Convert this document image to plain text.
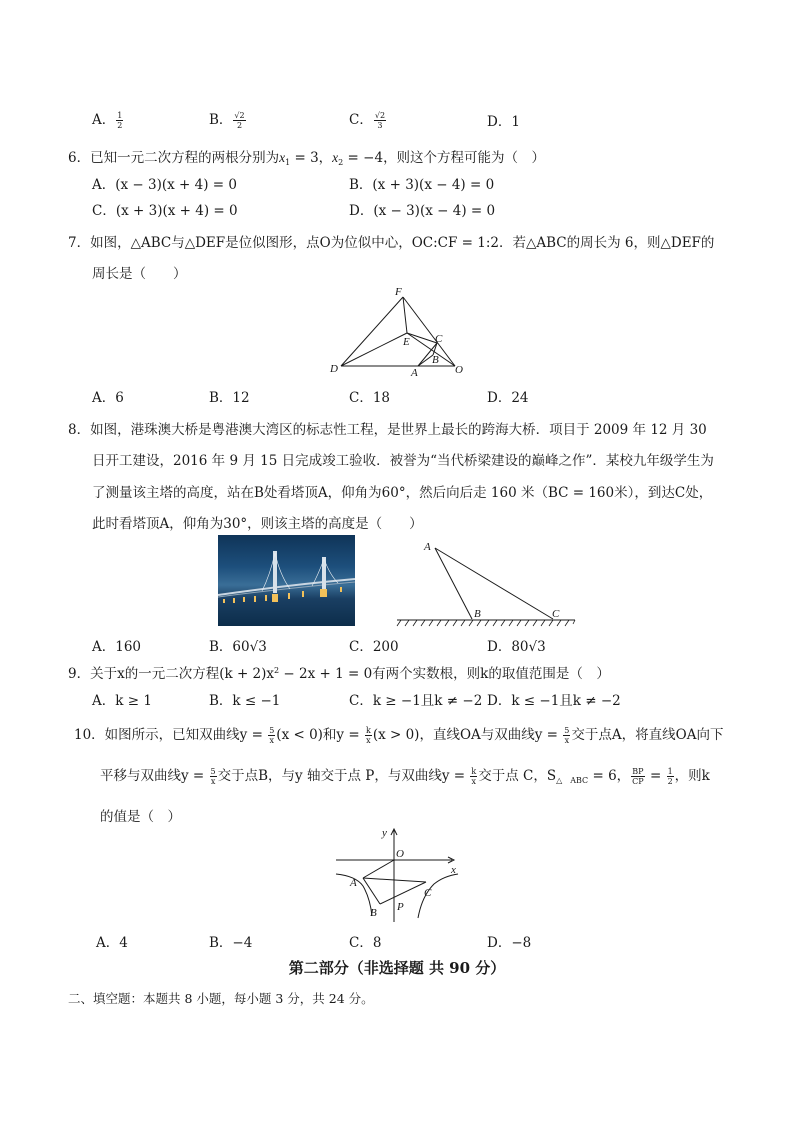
A． $\frac{1}{2}$	B． $\frac{√2}{2}$	C． $\frac{√2}{3}$	D．1
6．已知一元二次方程的两根分别为$x_1 = 3$，$x_2 = -4$，则这个方程可能为（　）
A．(x − 3)(x + 4) = 0	B．(x + 3)(x − 4) = 0
C．(x + 3)(x + 4) = 0	D．(x − 3)(x − 4) = 0
7．如图，△ABC与△DEF是位似图形，点O为位似中心，OC:CF = 1:2．若△ABC的周长为 6，则△DEF的
周长是（　　）
F
E C
B
D	A	O
A．6	B．12	C．18	D．24
8．如图，港珠澳大桥是粤港澳大湾区的标志性工程，是世界上最长的跨海大桥．项目于 2009 年 12 月 30
日开工建设，2016 年 9 月 15 日完成竣工验收．被誉为“当代桥梁建设的巅峰之作”．某校九年级学生为
了测量该主塔的高度，站在B处看塔顶A，仰角为60°，然后向后走 160 米（BC = 160米），到达C处，
此时看塔顶A，仰角为30°，则该主塔的高度是（　　）
A
B	C
A．160	B．60√3	C．200	D．80√3
9．关于x的一元二次方程$(k + 2)x^2 - 2x + 1 = 0$有两个实数根，则k的取值范围是（　）
A．k ≥ 1	B．k ≤ −1	C．k ≥ −1且k ≠ −2 D．k ≤ −1且k ≠ −2
10．如图所示，已知双曲线$y = \frac{5}{x} (x < 0)$和$y = \frac{k}{x} (x > 0)$，直线OA与双曲线$y = \frac{5}{x}$ 交于点A，将直线OA向下
平移与双曲线$y = \frac{5}{x}$ 交于点B，与y 轴交于点 P，与双曲线$y = \frac{k}{x}$ 交于点 C，$S_{\triangle ABC} = 6$， $\frac{BP}{CP} = \frac{1}{2}$ ，则k
的值是（　）
y
x
O
A
B P
C
A．4	B．−4	C．8	D．−8
第二部分（非选择题 共 90 分）
二、填空题：本题共 8 小题，每小题 3 分，共 24 分。
